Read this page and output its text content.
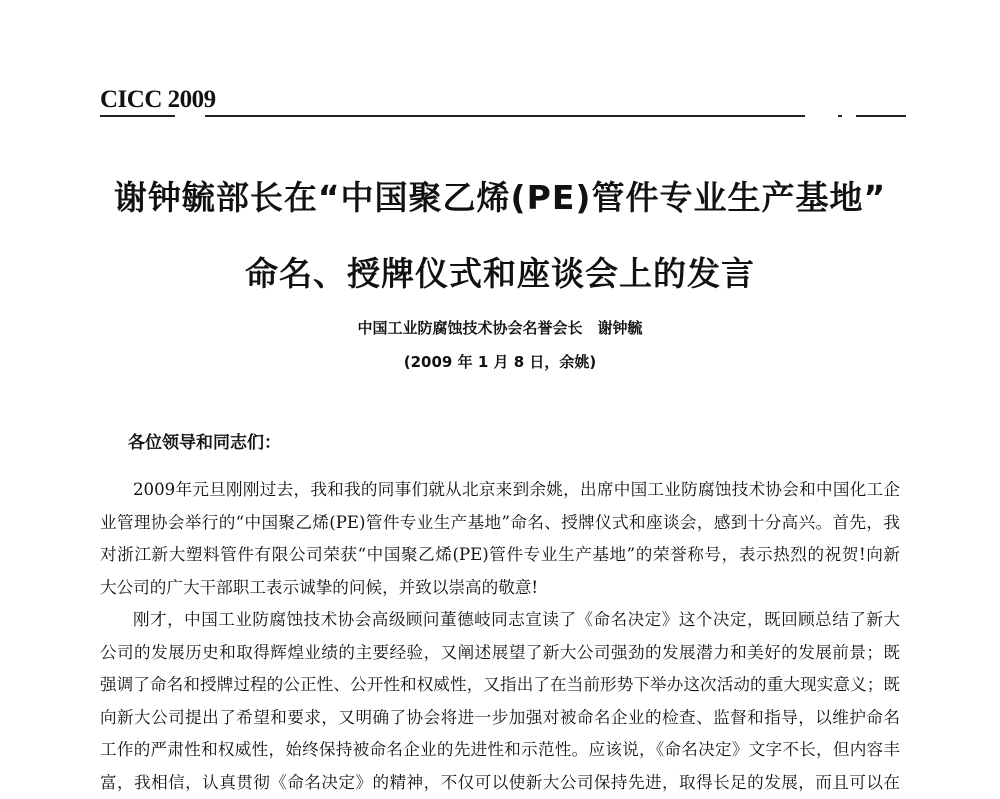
CICC 2009
谢钟毓部长在“中国聚乙烯(PE)管件专业生产基地”
命名、授牌仪式和座谈会上的发言
中国工业防腐蚀技术协会名誉会长　谢钟毓
(2009 年 1 月 8 日，余姚)
各位领导和同志们：
2009年元旦刚刚过去，我和我的同事们就从北京来到余姚，出席中国工业防腐蚀技术协会和中国化工企
业管理协会举行的“中国聚乙烯(PE)管件专业生产基地”命名、授牌仪式和座谈会，感到十分高兴。首先，我
对浙江新大塑料管件有限公司荣获“中国聚乙烯(PE)管件专业生产基地”的荣誉称号，表示热烈的祝贺!向新
大公司的广大干部职工表示诚挚的问候，并致以崇高的敬意!
刚才，中国工业防腐蚀技术协会高级顾问董德岐同志宣读了《命名决定》这个决定，既回顾总结了新大
公司的发展历史和取得辉煌业绩的主要经验，又阐述展望了新大公司强劲的发展潜力和美好的发展前景；既
强调了命名和授牌过程的公正性、公开性和权威性，又指出了在当前形势下举办这次活动的重大现实意义；既
向新大公司提出了希望和要求，又明确了协会将进一步加强对被命名企业的检查、监督和指导，以维护命名
工作的严肃性和权威性，始终保持被命名企业的先进性和示范性。应该说，《命名决定》文字不长，但内容丰
富，我相信，认真贯彻《命名决定》的精神，不仅可以使新大公司保持先进，取得长足的发展，而且可以在
